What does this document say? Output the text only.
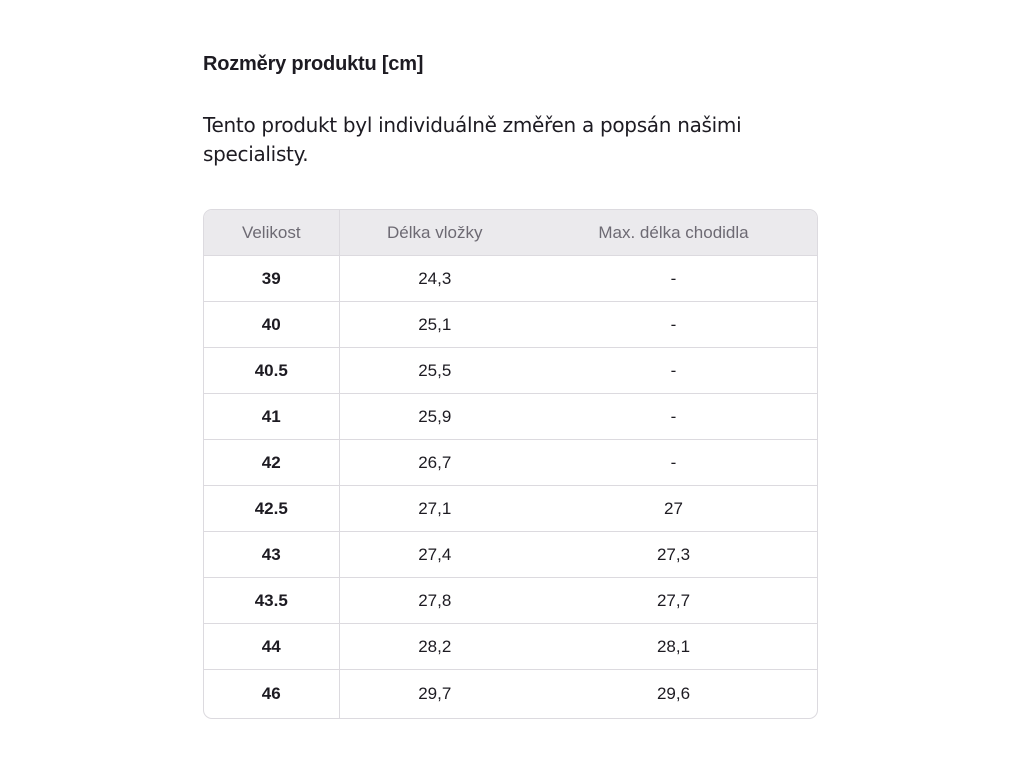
Rozměry produktu [cm]

Tento produkt byl individuálně změřen a popsán našimi specialisty.

Velikost	Délka vložky	Max. délka chodidla
39	24,3	-
40	25,1	-
40.5	25,5	-
41	25,9	-
42	26,7	-
42.5	27,1	27
43	27,4	27,3
43.5	27,8	27,7
44	28,2	28,1
46	29,7	29,6
